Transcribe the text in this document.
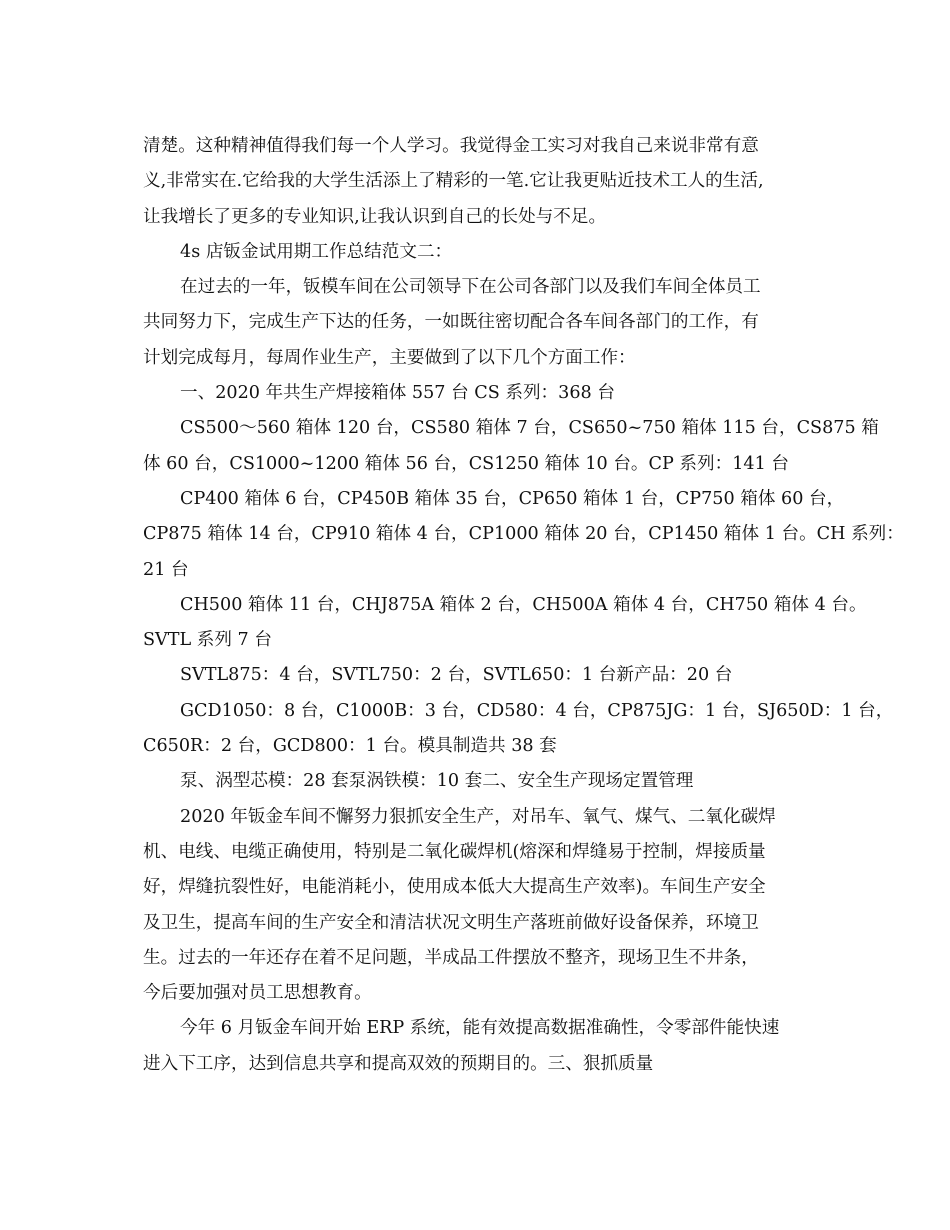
清楚。这种精神值得我们每一个人学习。我觉得金工实习对我自己来说非常有意
义,非常实在.它给我的大学生活添上了精彩的一笔.它让我更贴近技术工人的生活,
让我增长了更多的专业知识,让我认识到自己的长处与不足。
4s 店钣金试用期工作总结范文二：
在过去的一年，钣模车间在公司领导下在公司各部门以及我们车间全体员工
共同努力下，完成生产下达的任务，一如既往密切配合各车间各部门的工作，有
计划完成每月，每周作业生产，主要做到了以下几个方面工作：
一、2020 年共生产焊接箱体 557 台 CS 系列：368 台
CS500～560 箱体 120 台，CS580 箱体 7 台，CS650~750 箱体 115 台，CS875 箱
体 60 台，CS1000~1200 箱体 56 台，CS1250 箱体 10 台。CP 系列：141 台
CP400 箱体 6 台，CP450B 箱体 35 台，CP650 箱体 1 台，CP750 箱体 60 台，
CP875 箱体 14 台，CP910 箱体 4 台，CP1000 箱体 20 台，CP1450 箱体 1 台。CH 系列：
21 台
CH500 箱体 11 台，CHJ875A 箱体 2 台，CH500A 箱体 4 台，CH750 箱体 4 台。
SVTL 系列 7 台
SVTL875：4 台，SVTL750：2 台，SVTL650：1 台新产品：20 台
GCD1050：8 台，C1000B：3 台，CD580：4 台，CP875JG：1 台，SJ650D：1 台，
C650R：2 台，GCD800：1 台。模具制造共 38 套
泵、涡型芯模：28 套泵涡铁模：10 套二、安全生产现场定置管理
2020 年钣金车间不懈努力狠抓安全生产，对吊车、氧气、煤气、二氧化碳焊
机、电线、电缆正确使用，特别是二氧化碳焊机(熔深和焊缝易于控制，焊接质量
好，焊缝抗裂性好，电能消耗小，使用成本低大大提高生产效率)。车间生产安全
及卫生，提高车间的生产安全和清洁状况文明生产落班前做好设备保养，环境卫
生。过去的一年还存在着不足问题，半成品工件摆放不整齐，现场卫生不井条，
今后要加强对员工思想教育。
今年 6 月钣金车间开始 ERP 系统，能有效提高数据准确性，令零部件能快速
进入下工序，达到信息共享和提高双效的预期目的。三、狠抓质量
